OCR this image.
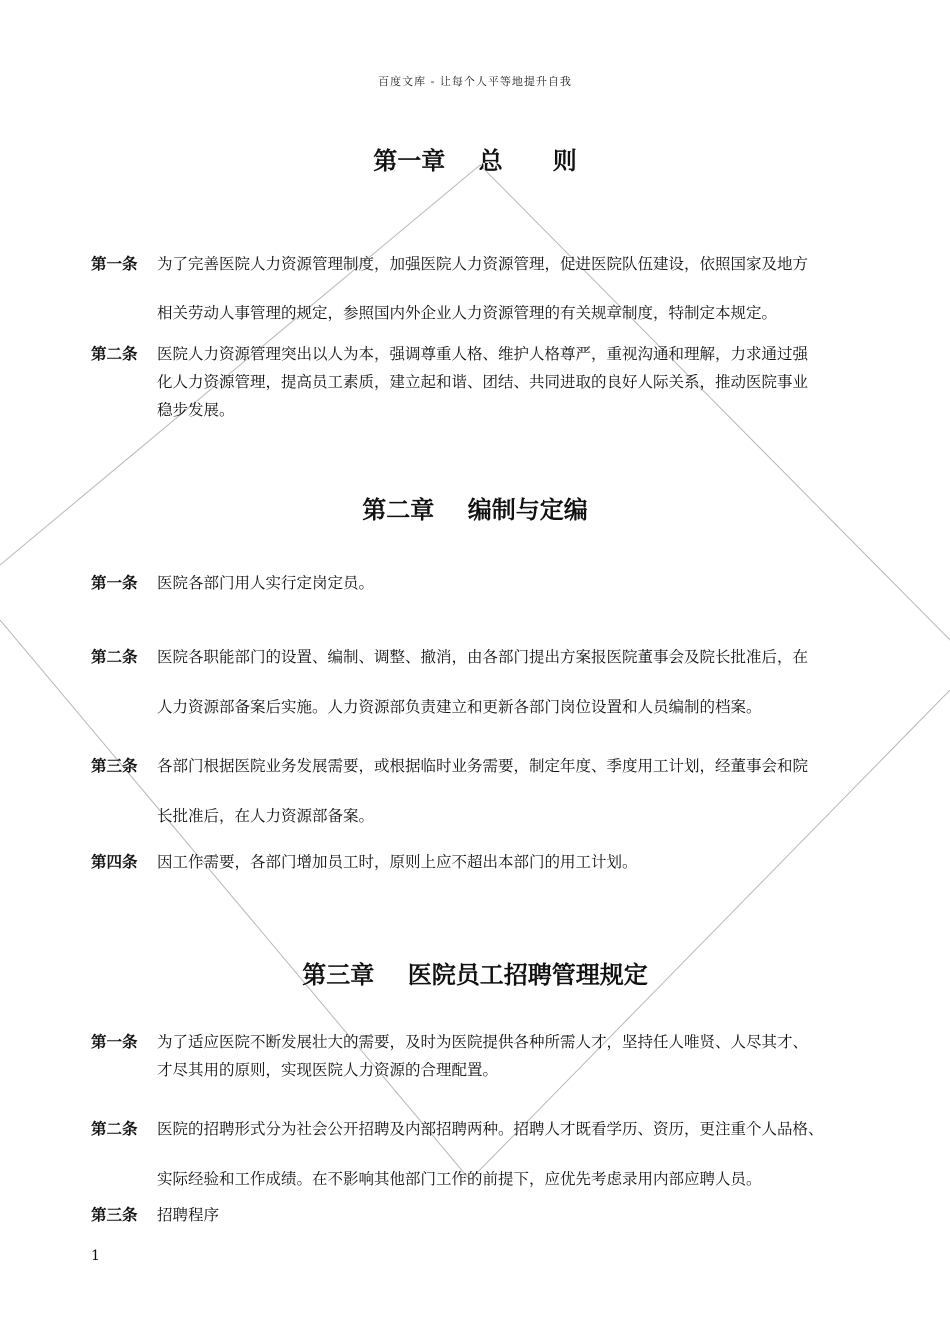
百度文库 - 让每个人平等地提升自我
第一章    总      则
第一条	为了完善医院人力资源管理制度，加强医院人力资源管理，促进医院队伍建设，依照国家及地方

相关劳动人事管理的规定，参照国内外企业人力资源管理的有关规章制度，特制定本规定。

第二条	医院人力资源管理突出以人为本，强调尊重人格、维护人格尊严，重视沟通和理解，力求通过强

化人力资源管理，提高员工素质，建立起和谐、团结、共同进取的良好人际关系，推动医院事业

稳步发展。

第二章    编制与定编
第一条	医院各部门用人实行定岗定员。

第二条	医院各职能部门的设置、编制、调整、撤消，由各部门提出方案报医院董事会及院长批准后，在

人力资源部备案后实施。人力资源部负责建立和更新各部门岗位设置和人员编制的档案。

第三条	各部门根据医院业务发展需要，或根据临时业务需要，制定年度、季度用工计划，经董事会和院

长批准后，在人力资源部备案。

第四条	因工作需要，各部门增加员工时，原则上应不超出本部门的用工计划。

第三章    医院员工招聘管理规定
第一条	为了适应医院不断发展壮大的需要，及时为医院提供各种所需人才，坚持任人唯贤、人尽其才、

才尽其用的原则，实现医院人力资源的合理配置。

第二条	医院的招聘形式分为社会公开招聘及内部招聘两种。招聘人才既看学历、资历，更注重个人品格、

实际经验和工作成绩。在不影响其他部门工作的前提下，应优先考虑录用内部应聘人员。

第三条	招聘程序

1
